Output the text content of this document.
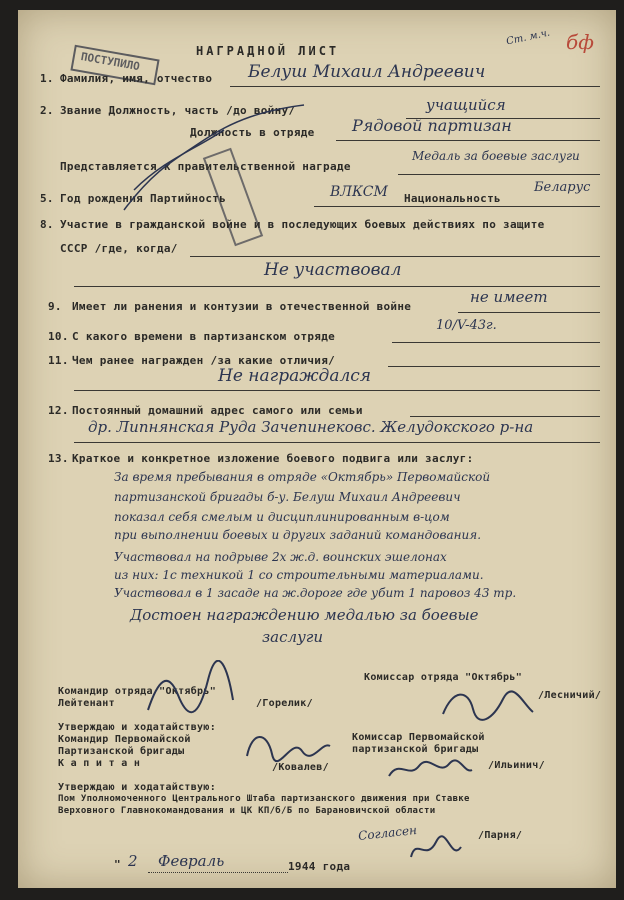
НАГРАДНОЙ ЛИСТ
Ст. м.ч. бф
ПОСТУПИЛО
1. Фамилия, имя, отчество Белуш Михаил Андреевич
2. Звание Должность, часть /до войну/	учащийся
Должность в отряде Рядовой партизан
Представляется к правительственной награде
Медаль за боевые заслуги
5. Год рождения Партийность	ВЛКСМ Национальность
Беларус
8. Участие в гражданской войне и в последующих боевых действиях по защите
СССР /где, когда/
Не участвовал
9. Имеет ли ранения и контузии в отечественной войне
не имеет
10. С какого времени в партизанском отряде
10/V-43г.
11. Чем ранее награжден /за какие отличия/
Не награждался
12. Постоянный домашний адрес самого или семьи
др. Липнянская Руда Зачепинековс. Желудокского р-на
13. Краткое и конкретное изложение боевого подвига или заслуг:
За время пребывания в отряде «Октябрь» Первомайской
партизанской бригады б-у. Белуш Михаил Андреевич
показал себя смелым и дисциплинированным в-цом
при выполнении боевых и других заданий командования.
Участвовал на подрыве 2х ж.д. воинских эшелонах
из них: 1с техникой 1 со строительными материалами.
Участвовал в 1 засаде на ж.дороге где убит 1 паровоз 43 тр.
Достоен награждению медалью за боевые
заслуги
Командир отряда "Октябрь"
Лейтенант	/Горелик/
Комиссар отряда "Октябрь"
/Лесничий/
Утверждаю и ходатайствую:
Командир Первомайской
Партизанской бригады
К а п и т а н	/Ковалев/
Комиссар Первомайской
партизанской бригады
/Ильинич/
Утверждаю и ходатайствую:
Пом Уполномоченного Центрального Штаба партизанского движения при Ставке
Верховного Главнокомандования и ЦК КП/б/Б по Барановичской области
Согласен	/Парня/
" 2 Февраль	1944 года
